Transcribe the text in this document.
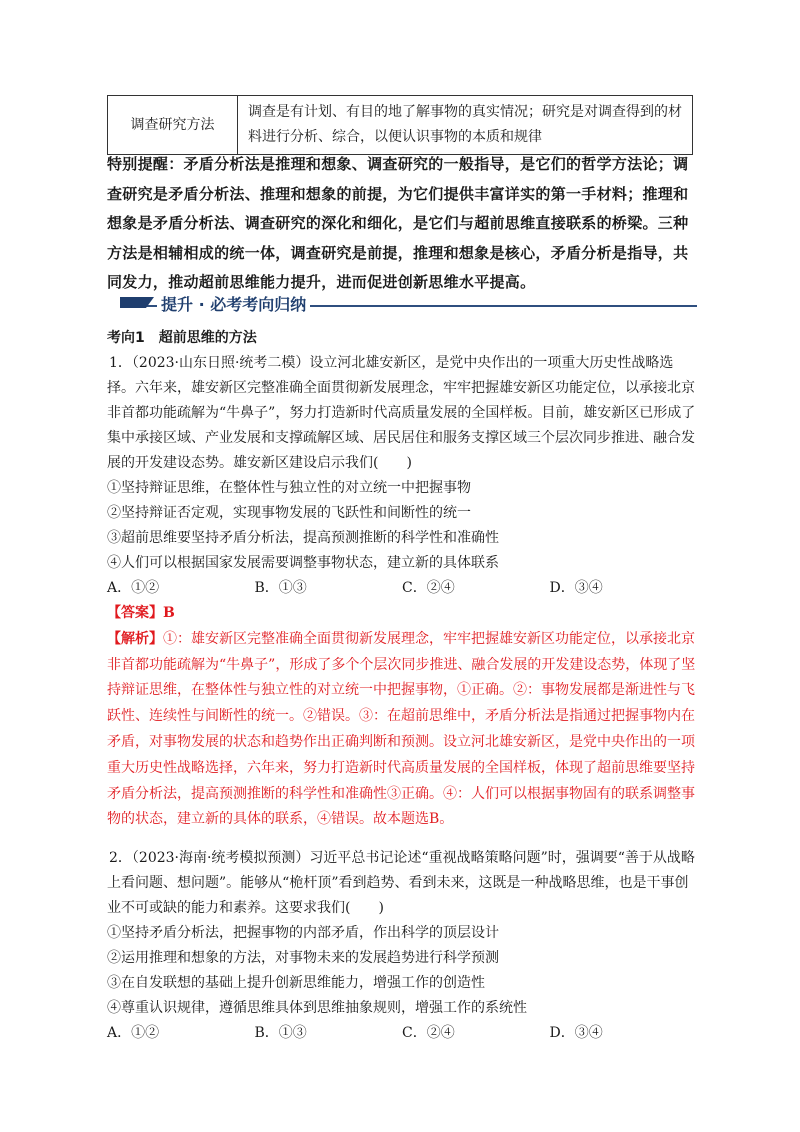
调查研究方法	调查是有计划、有目的地了解事物的真实情况；研究是对调查得到的材料进行分析、综合，以便认识事物的本质和规律
特别提醒：矛盾分析法是推理和想象、调查研究的一般指导，是它们的哲学方法论；调查研究是矛盾分析法、推理和想象的前提，为它们提供丰富详实的第一手材料；推理和想象是矛盾分析法、调查研究的深化和细化，是它们与超前思维直接联系的桥梁。三种方法是相辅相成的统一体，调查研究是前提，推理和想象是核心，矛盾分析是指导，共同发力，推动超前思维能力提升，进而促进创新思维水平提高。
提升 · 必考考向归纳
考向1　超前思维的方法

1．（2023·山东日照·统考二模）设立河北雄安新区，是党中央作出的一项重大历史性战略选择。六年来，雄安新区完整准确全面贯彻新发展理念，牢牢把握雄安新区功能定位，以承接北京非首都功能疏解为“牛鼻子”，努力打造新时代高质量发展的全国样板。目前，雄安新区已形成了集中承接区域、产业发展和支撑疏解区域、居民居住和服务支撑区域三个层次同步推进、融合发展的开发建设态势。雄安新区建设启示我们(　　)

①坚持辩证思维，在整体性与独立性的对立统一中把握事物

②坚持辩证否定观，实现事物发展的飞跃性和间断性的统一

③超前思维要坚持矛盾分析法，提高预测推断的科学性和准确性

④人们可以根据国家发展需要调整事物状态，建立新的具体联系

A．①②	B．①③	C．②④	D．③④

【答案】B

【解析】①：雄安新区完整准确全面贯彻新发展理念，牢牢把握雄安新区功能定位，以承接北京非首都功能疏解为“牛鼻子”，形成了多个个层次同步推进、融合发展的开发建设态势，体现了坚持辩证思维，在整体性与独立性的对立统一中把握事物，①正确。②：事物发展都是渐进性与飞跃性、连续性与间断性的统一。②错误。③：在超前思维中，矛盾分析法是指通过把握事物内在矛盾，对事物发展的状态和趋势作出正确判断和预测。设立河北雄安新区，是党中央作出的一项重大历史性战略选择，六年来，努力打造新时代高质量发展的全国样板，体现了超前思维要坚持矛盾分析法，提高预测推断的科学性和准确性③正确。④：人们可以根据事物固有的联系调整事物的状态，建立新的具体的联系，④错误。故本题选B。

2．（2023·海南·统考模拟预测）习近平总书记论述“重视战略策略问题”时，强调要“善于从战略上看问题、想问题”。能够从“桅杆顶”看到趋势、看到未来，这既是一种战略思维，也是干事创业不可或缺的能力和素养。这要求我们(　　)

①坚持矛盾分析法，把握事物的内部矛盾，作出科学的顶层设计

②运用推理和想象的方法，对事物未来的发展趋势进行科学预测

③在自发联想的基础上提升创新思维能力，增强工作的创造性

④尊重认识规律，遵循思维具体到思维抽象规则，增强工作的系统性

A．①②	B．①③	C．②④	D．③④
